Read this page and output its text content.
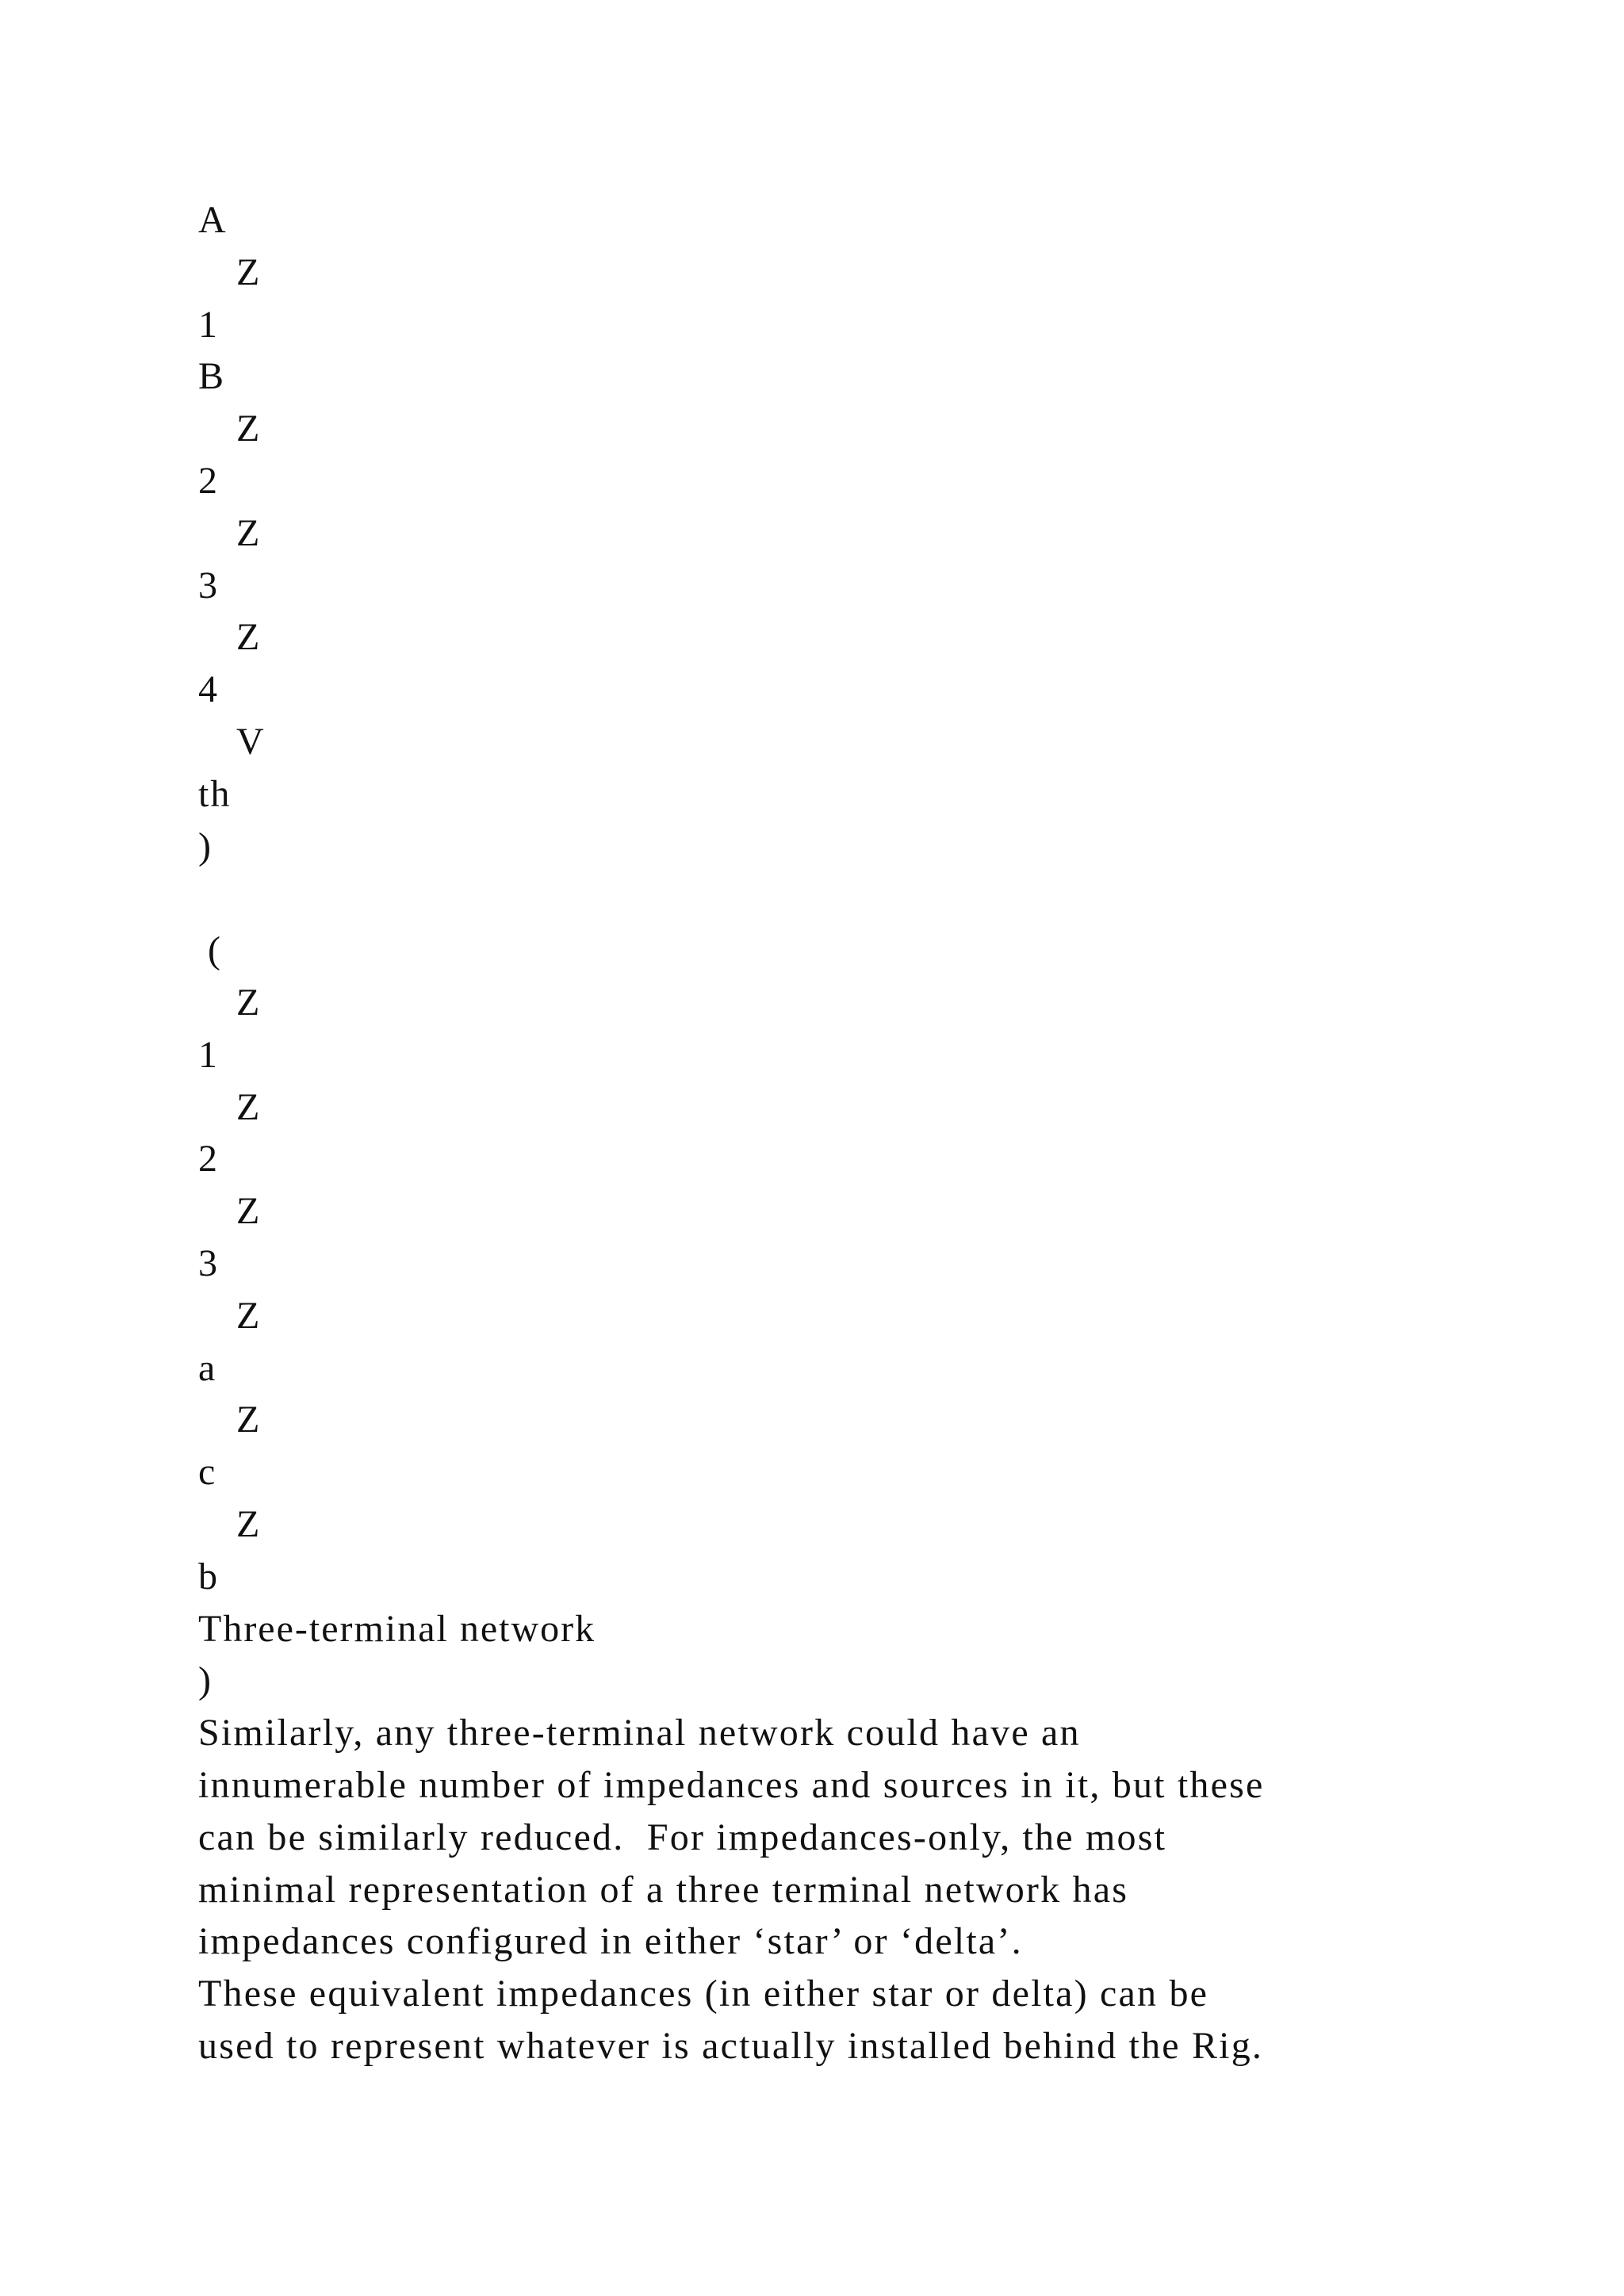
A
Z
1
B
Z
2
Z
3
Z
4
V
th
)
(
Z
1
Z
2
Z
3
Z
a
Z
c
Z
b
Three-terminal network
)
Similarly, any three-terminal network could have an
innumerable number of impedances and sources in it, but these
can be similarly reduced.  For impedances-only, the most
minimal representation of a three terminal network has
impedances configured in either ‘star’ or ‘delta’.
These equivalent impedances (in either star or delta) can be
used to represent whatever is actually installed behind the Rig.
